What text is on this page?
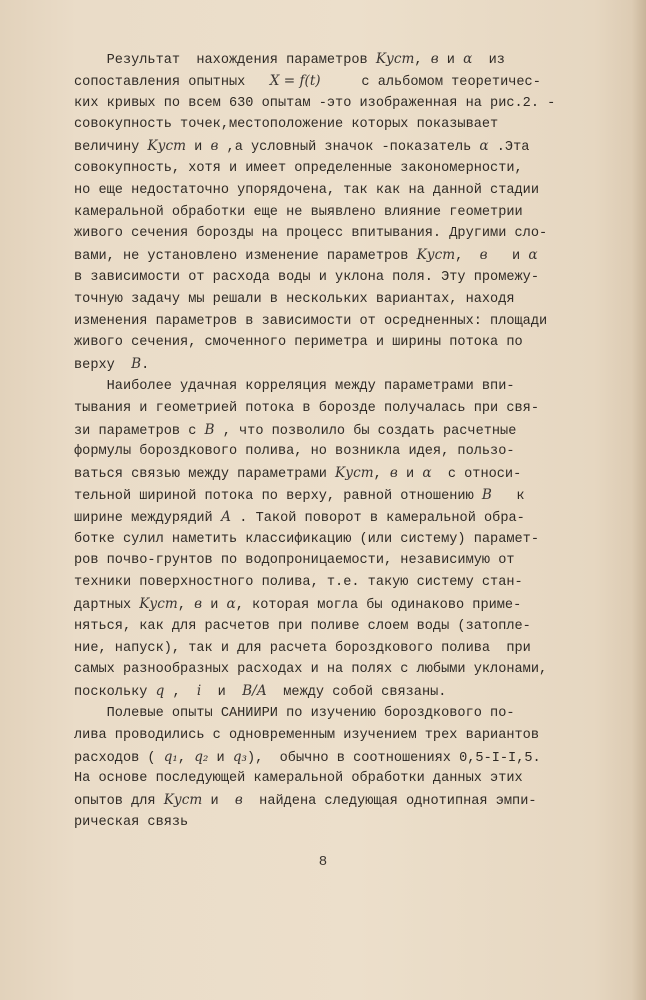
Результат  нахождения параметров Kуст, в и α  из
сопоставления опытных   X = f(t)     с альбомом теоретичес-
ких кривых по всем 630 опытам -это изображенная на рис.2. -
совокупность точек,местоположение которых показывает
величину Kуст и в ,а условный значок -показатель α .Эта
совокупность, хотя и имеет определенные закономерности,
но еще недостаточно упорядочена, так как на данной стадии
камеральной обработки еще не выявлено влияние геометрии
живого сечения борозды на процесс впитывания. Другими сло-
вами, не установлено изменение параметров Kуст,  в   и α
в зависимости от расхода воды и уклона поля. Эту промежу-
точную задачу мы решали в нескольких вариантах, находя
изменения параметров в зависимости от осредненных: площади
живого сечения, смоченного периметра и ширины потока по
верху  В.
Наиболее удачная корреляция между параметрами впи-
тывания и геометрией потока в борозде получалась при свя-
зи параметров с В , что позволило бы создать расчетные
формулы бороздкового полива, но возникла идея, пользо-
ваться связью между параметрами Kуст, в и α  с относи-
тельной шириной потока по верху, равной отношению В   к
ширине междурядий А . Такой поворот в камеральной обра-
ботке сулил наметить классификацию (или систему) парамет-
ров почво-грунтов по водопроницаемости, независимую от
техники поверхностного полива, т.е. такую систему стан-
дартных Kуст, в и α, которая могла бы одинаково приме-
няться, как для расчетов при поливе слоем воды (затопле-
ние, напуск), так и для расчета бороздкового полива  при
самых разнообразных расходах и на полях с любыми уклонами,
поскольку q ,  i  и  В/А  между собой связаны.
Полевые опыты САНИИРИ по изучению бороздкового по-
лива проводились с одновременным изучением трех вариантов
расходов ( q₁, q₂ и q₃),  обычно в соотношениях 0,5-I-I,5.
На основе последующей камеральной обработки данных этих
опытов для Kуст и  в  найдена следующая однотипная эмпи-
рическая связь
8
